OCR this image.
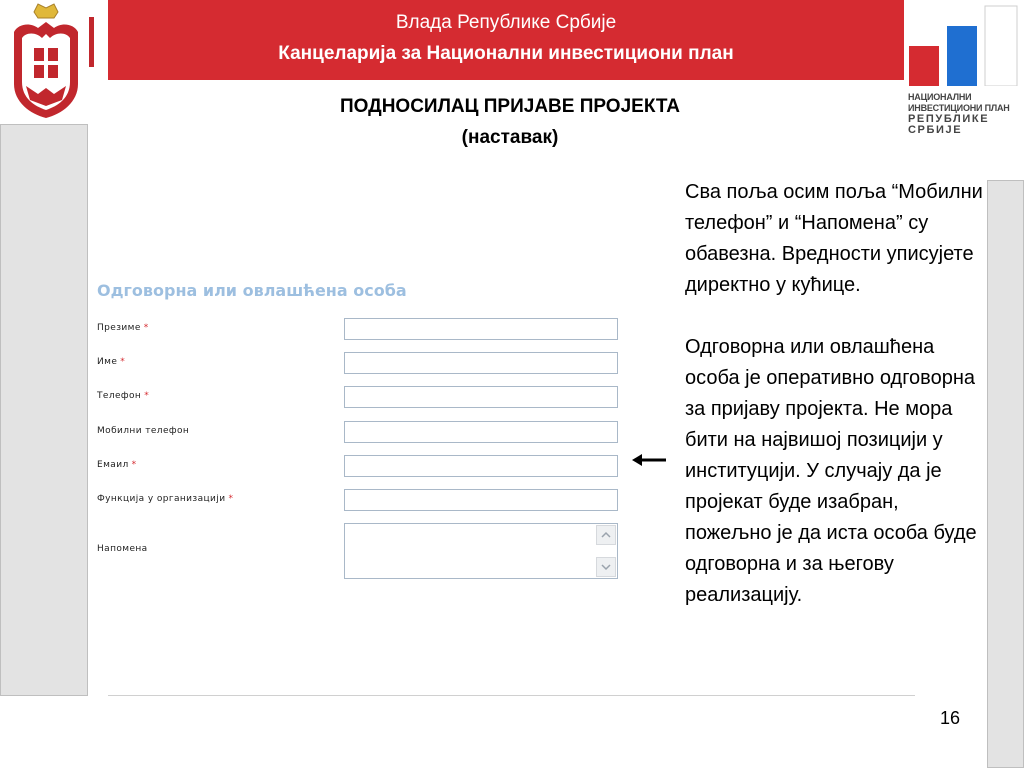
Влада Републике Србије
Канцеларија за Национални инвестициони план
НАЦИОНАЛНИ ИНВЕСТИЦИОНИ ПЛАН
РЕПУБЛИКЕ СРБИЈЕ
ПОДНОСИЛАЦ ПРИЈАВЕ ПРОЈЕКТА
(наставак)
Одговорна или овлашћена особа
Презиме *
Име *
Телефон *
Мобилни телефон
Емаил *
Функција у организацији *
Напомена

Сва поља осим поља “Мобилни телефон” и “Напомена” су обавезна. Вредности уписујете директно у кућице.

Одговорна или овлашћена особа је оперативно одговорна за пријаву пројекта. Не мора бити на највишој позицији у институцији. У случају да је пројекат буде изабран, пожељно је да иста особа буде одговорна и за његову реализацију.

16
